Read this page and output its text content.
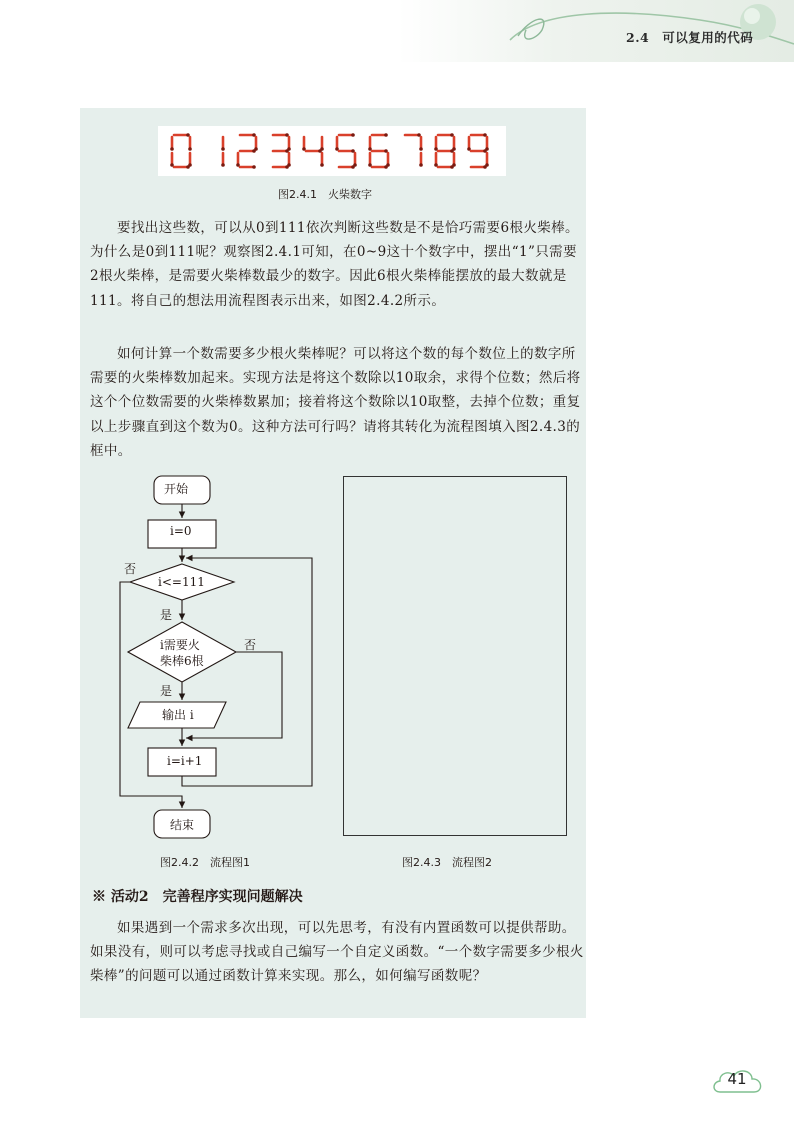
2.4　可以复用的代码
图2.4.1　火柴数字

要找出这些数，可以从0到111依次判断这些数是不是恰巧需要6根火柴棒。为什么是0到111呢？观察图2.4.1可知，在0~9这十个数字中，摆出“1”只需要2根火柴棒，是需要火柴棒数最少的数字。因此6根火柴棒能摆放的最大数就是111。将自己的想法用流程图表示出来，如图2.4.2所示。

如何计算一个数需要多少根火柴棒呢？可以将这个数的每个数位上的数字所需要的火柴棒数加起来。实现方法是将这个数除以10取余，求得个位数；然后将这个个位数需要的火柴棒数累加；接着将这个数除以10取整，去掉个位数；重复以上步骤直到这个数为0。这种方法可行吗？请将其转化为流程图填入图2.4.3的框中。

开始
i=0
i<=111
否
是
i需要火
柴棒6根
否
是
输出 i
i=i+1
结束
图2.4.2　流程图1	图2.4.3　流程图2
※ 活动2　完善程序实现问题解决

如果遇到一个需求多次出现，可以先思考，有没有内置函数可以提供帮助。如果没有，则可以考虑寻找或自己编写一个自定义函数。“一个数字需要多少根火柴棒”的问题可以通过函数计算来实现。那么，如何编写函数呢？

41
